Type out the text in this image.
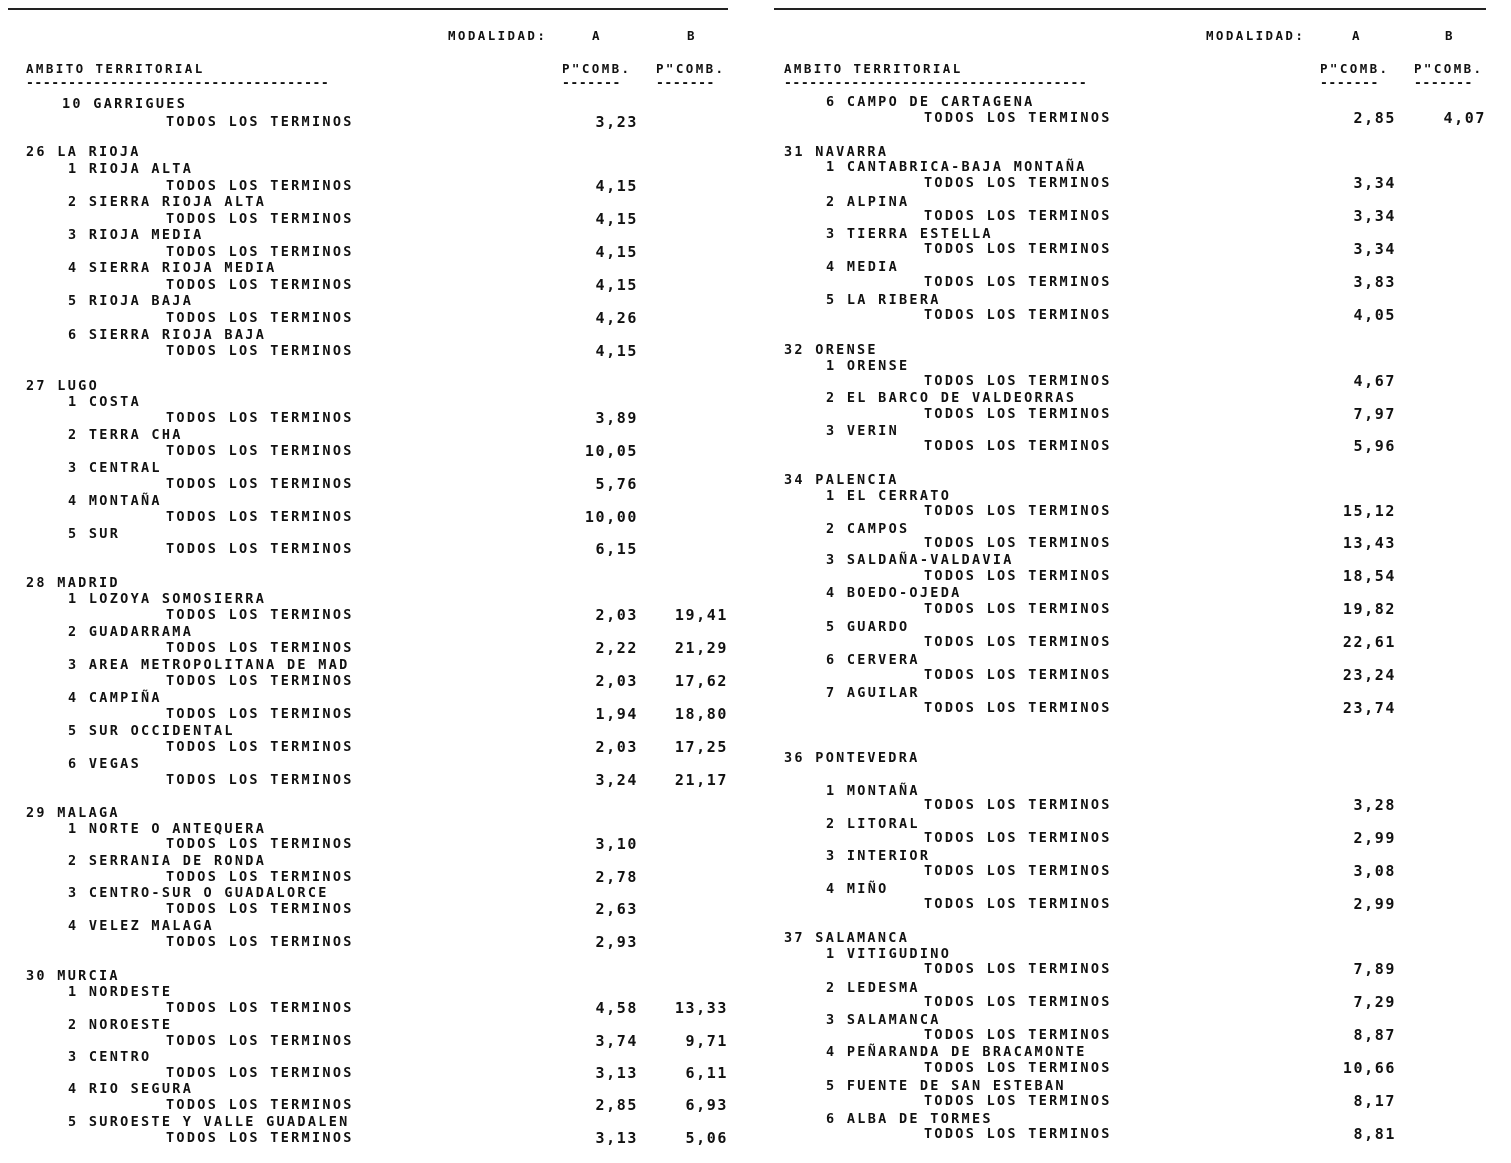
MODALIDAD:	A	B
AMBITO TERRITORIAL	P"COMB. P"COMB.
------------------------------------	-------	-------
10 GARRIGUES
TODOS LOS TERMINOS	3,23
26 LA RIOJA
1 RIOJA ALTA
TODOS LOS TERMINOS	4,15
2 SIERRA RIOJA ALTA
TODOS LOS TERMINOS	4,15
3 RIOJA MEDIA
TODOS LOS TERMINOS	4,15
4 SIERRA RIOJA MEDIA
TODOS LOS TERMINOS	4,15
5 RIOJA BAJA
TODOS LOS TERMINOS	4,26
6 SIERRA RIOJA BAJA
TODOS LOS TERMINOS	4,15
27 LUGO
1 COSTA
TODOS LOS TERMINOS	3,89
2 TERRA CHA
TODOS LOS TERMINOS	10,05
3 CENTRAL
TODOS LOS TERMINOS	5,76
4 MONTAÑA
TODOS LOS TERMINOS	10,00
5 SUR
TODOS LOS TERMINOS	6,15
28 MADRID
1 LOZOYA SOMOSIERRA
TODOS LOS TERMINOS	2,03	19,41
2 GUADARRAMA
TODOS LOS TERMINOS	2,22	21,29
3 AREA METROPOLITANA DE MAD
TODOS LOS TERMINOS	2,03	17,62
4 CAMPIÑA
TODOS LOS TERMINOS	1,94	18,80
5 SUR OCCIDENTAL
TODOS LOS TERMINOS	2,03	17,25
6 VEGAS
TODOS LOS TERMINOS	3,24	21,17
29 MALAGA
1 NORTE O ANTEQUERA
TODOS LOS TERMINOS	3,10
2 SERRANIA DE RONDA
TODOS LOS TERMINOS	2,78
3 CENTRO-SUR O GUADALORCE
TODOS LOS TERMINOS	2,63
4 VELEZ MALAGA
TODOS LOS TERMINOS	2,93
30 MURCIA
1 NORDESTE
TODOS LOS TERMINOS	4,58	13,33
2 NOROESTE
TODOS LOS TERMINOS	3,74	9,71
3 CENTRO
TODOS LOS TERMINOS	3,13	6,11
4 RIO SEGURA
TODOS LOS TERMINOS	2,85	6,93
5 SUROESTE Y VALLE GUADALEN
TODOS LOS TERMINOS	3,13	5,06
MODALIDAD:	A	B
AMBITO TERRITORIAL	P"COMB. P"COMB.
------------------------------------	-------	-------
6 CAMPO DE CARTAGENA
TODOS LOS TERMINOS	2,85	4,07
31 NAVARRA
1 CANTABRICA-BAJA MONTAÑA
TODOS LOS TERMINOS	3,34
2 ALPINA
TODOS LOS TERMINOS	3,34
3 TIERRA ESTELLA
TODOS LOS TERMINOS	3,34
4 MEDIA
TODOS LOS TERMINOS	3,83
5 LA RIBERA
TODOS LOS TERMINOS	4,05
32 ORENSE
1 ORENSE
TODOS LOS TERMINOS	4,67
2 EL BARCO DE VALDEORRAS
TODOS LOS TERMINOS	7,97
3 VERIN
TODOS LOS TERMINOS	5,96
34 PALENCIA
1 EL CERRATO
TODOS LOS TERMINOS	15,12
2 CAMPOS
TODOS LOS TERMINOS	13,43
3 SALDAÑA-VALDAVIA
TODOS LOS TERMINOS	18,54
4 BOEDO-OJEDA
TODOS LOS TERMINOS	19,82
5 GUARDO
TODOS LOS TERMINOS	22,61
6 CERVERA
TODOS LOS TERMINOS	23,24
7 AGUILAR
TODOS LOS TERMINOS	23,74
36 PONTEVEDRA
1 MONTAÑA
TODOS LOS TERMINOS	3,28
2 LITORAL
TODOS LOS TERMINOS	2,99
3 INTERIOR
TODOS LOS TERMINOS	3,08
4 MIÑO
TODOS LOS TERMINOS	2,99
37 SALAMANCA
1 VITIGUDINO
TODOS LOS TERMINOS	7,89
2 LEDESMA
TODOS LOS TERMINOS	7,29
3 SALAMANCA
TODOS LOS TERMINOS	8,87
4 PEÑARANDA DE BRACAMONTE
TODOS LOS TERMINOS	10,66
5 FUENTE DE SAN ESTEBAN
TODOS LOS TERMINOS	8,17
6 ALBA DE TORMES
TODOS LOS TERMINOS	8,81
